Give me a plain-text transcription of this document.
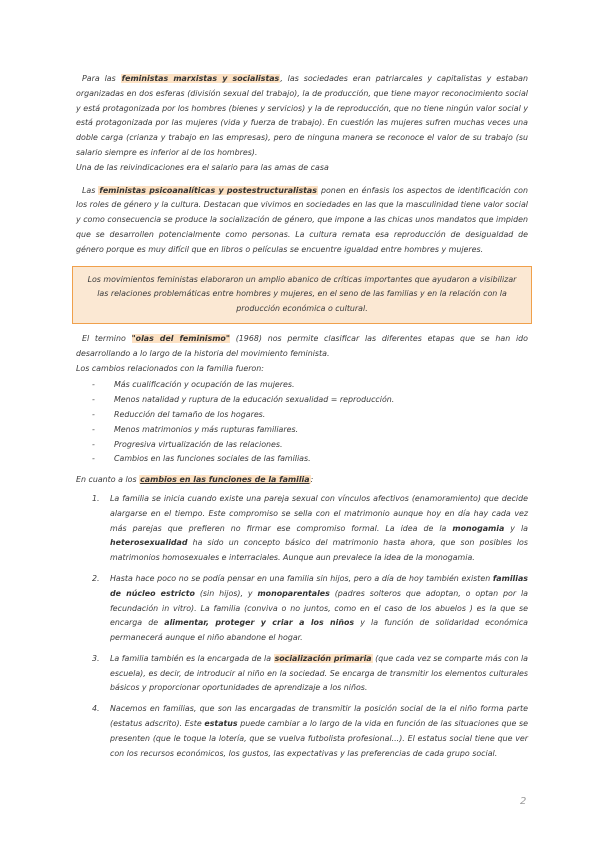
Para las feministas marxistas y socialistas, las sociedades eran patriarcales y capitalistas y estaban organizadas en dos esferas (división sexual del trabajo), la de producción, que tiene mayor reconocimiento social y está protagonizada por los hombres (bienes y servicios) y la de reproducción, que no tiene ningún valor social y está protagonizada por las mujeres (vida y fuerza de trabajo). En cuestión las mujeres sufren muchas veces una doble carga (crianza y trabajo en las empresas), pero de ninguna manera se reconoce el valor de su trabajo (su salario siempre es inferior al de los hombres).

Una de las reivindicaciones era el salario para las amas de casa

Las feministas psicoanalíticas y postestructuralistas ponen en énfasis los aspectos de identificación con los roles de género y la cultura. Destacan que vivimos en sociedades en las que la masculinidad tiene valor social y como consecuencia se produce la socialización de género, que impone a las chicas unos mandatos que impiden que se desarrollen potencialmente como personas. La cultura remata esa reproducción de desigualdad de género porque es muy difícil que en libros o películas se encuentre igualdad entre hombres y mujeres.

Los movimientos feministas elaboraron un amplio abanico de críticas importantes que ayudaron a visibilizar las relaciones problemáticas entre hombres y mujeres, en el seno de las familias y en la relación con la producción económica o cultural.

El termino "olas del feminismo" (1968) nos permite clasificar las diferentes etapas que se han ido desarrollando a lo largo de la historia del movimiento feminista.

Los cambios relacionados con la familia fueron:

- Más cualificación y ocupación de las mujeres.
- Menos natalidad y ruptura de la educación sexualidad = reproducción.
- Reducción del tamaño de los hogares.
- Menos matrimonios y más rupturas familiares.
- Progresiva virtualización de las relaciones.
- Cambios en las funciones sociales de las familias.

En cuanto a los cambios en las funciones de la familia:

1. La familia se inicia cuando existe una pareja sexual con vínculos afectivos (enamoramiento) que decide alargarse en el tiempo. Este compromiso se sella con el matrimonio aunque hoy en día hay cada vez más parejas que prefieren no firmar ese compromiso formal. La idea de la monogamia y la heterosexualidad ha sido un concepto básico del matrimonio hasta ahora, que son posibles los matrimonios homosexuales e interraciales. Aunque aun prevalece la idea de la monogamia.
2. Hasta hace poco no se podía pensar en una familia sin hijos, pero a día de hoy también existen familias de núcleo estricto (sin hijos), y monoparentales (padres solteros que adoptan, o optan por la fecundación in vitro). La familia (conviva o no juntos, como en el caso de los abuelos ) es la que se encarga de alimentar, proteger y criar a los niños y la función de solidaridad económica permanecerá aunque el niño abandone el hogar.
3. La familia también es la encargada de la socialización primaria (que cada vez se comparte más con la escuela), es decir, de introducir al niño en la sociedad. Se encarga de transmitir los elementos culturales básicos y proporcionar oportunidades de aprendizaje a los niños.
4. Nacemos en familias, que son las encargadas de transmitir la posición social de la el niño forma parte (estatus adscrito). Este estatus puede cambiar a lo largo de la vida en función de las situaciones que se presenten (que le toque la lotería, que se vuelva futbolista profesional...). El estatus social tiene que ver con los recursos económicos, los gustos, las expectativas y las preferencias de cada grupo social.
2
